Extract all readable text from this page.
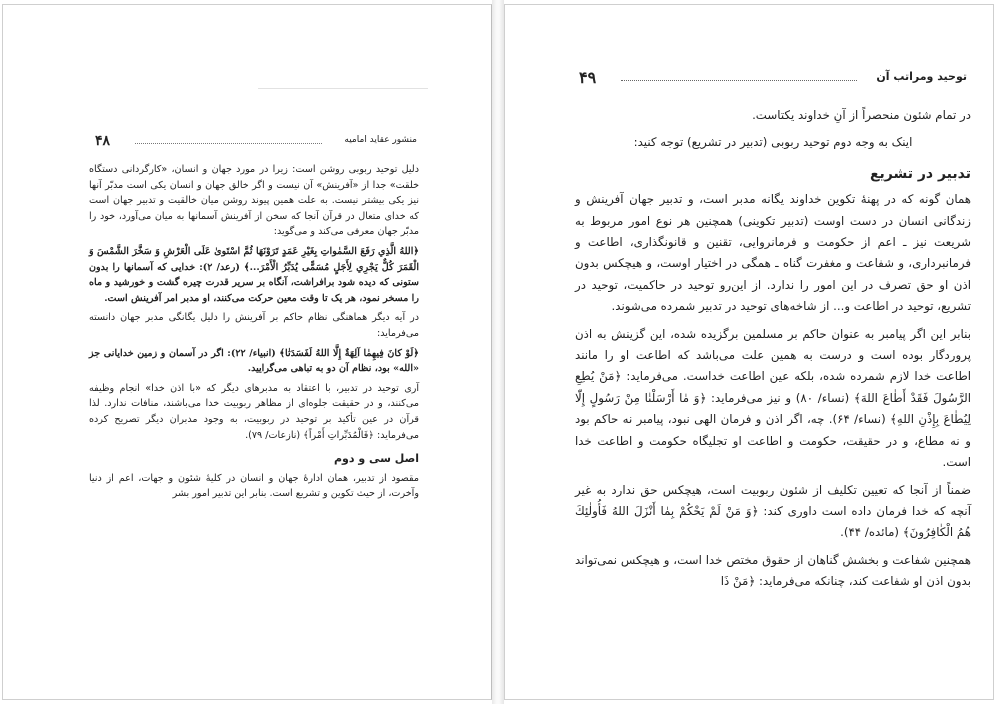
۴۸	منشور عقاید امامیه

دلیل توحید ربوبی روشن است: زیرا در مورد جهان و انسان، «کارگردانی دستگاه خلقت» جدا از «آفرینش» آن نیست و اگر خالق جهان و انسان یکی است مدبّر آنها نیز یکی بیشتر نیست. به علت همین پیوند روشن میان خالقیت و تدبیر جهان است که خدای متعال در قرآن آنجا که سخن از آفرینش آسمانها به میان می‌آورد، خود را مدبّر جهان معرفی می‌کند و می‌گوید:

﴿اللهُ الَّذِي رَفَعَ السَّمٰواتِ بِغَيْرِ عَمَدٍ تَرَوْنَهَا ثُمَّ اسْتَوىٰ عَلَى الْعَرْشِ وَ سَخَّرَ الشَّمْسَ وَ الْقَمَرَ كُلٌّ يَجْرِي لِأَجَلٍ مُسَمًّى يُدَبِّرُ الْأَمْرَ...﴾ (رعد/ ۲): خدایی که آسمانها را بدون ستونی که دیده شود برافراشت، آنگاه بر سریر قدرت چیره گشت و خورشید و ماه را مسخر نمود، هر یک تا وقت معین حرکت می‌کنند، او مدبر امر آفرینش است.

در آیه دیگر هماهنگی نظام حاکم بر آفرینش را دلیل یگانگی مدبر جهان دانسته می‌فرماید:

﴿لَوْ كانَ فِيهِمٰا آلِهَةٌ إِلَّا اللهُ لَفَسَدَتٰا﴾ (انبیاء/ ۲۲): اگر در آسمان و زمین خدایانی جز «الله» بود، نظام آن دو به تباهی می‌گرایید.

آری توحید در تدبیر، با اعتقاد به مدبرهای دیگر که «با اذن خدا» انجام وظیفه می‌کنند، و در حقیقت جلوه‌ای از مظاهر ربوبیت خدا می‌باشند، منافات ندارد. لذا قرآن در عین تأکید بر توحید در ربوبیت، به وجود مدبران دیگر تصریح کرده می‌فرماید: ﴿فَالْمُدَبِّراتِ أَمْراً﴾ (نازعات/ ۷۹).

اصل سی و دوم

مقصود از تدبیر، همان ادارهٔ جهان و انسان در کلیهٔ شئون و جهات، اعم از دنیا وآخرت، از حیث تکوین و تشریع است. بنابر این تدبیر امور بشر

۴۹	توحید ومراتب آن

در تمام شئون منحصراً از آنِ خداوند یکتاست.

اینک به وجه دوم توحید ربوبی (تدبیر در تشریع) توجه کنید:

تدبیر در تشریع

همان گونه که در پهنهٔ تکوین خداوند یگانه مدبر است، و تدبیر جهان آفرینش و زندگانی انسان در دست اوست (تدبیر تکوینی) همچنین هر نوع امور مربوط به شریعت نیز ـ اعم از حکومت و فرمانروایی، تقنین و قانونگذاری، اطاعت و فرمانبرداری، و شفاعت و مغفرت گناه ـ همگی در اختیار اوست، و هیچکس بدون اذن او حق تصرف در این امور را ندارد. از این‌رو توحید در حاکمیت، توحید در تشریع، توحید در اطاعت و... از شاخه‌های توحید در تدبیر شمرده می‌شوند.

بنابر این اگر پیامبر به عنوان حاکم بر مسلمین برگزیده شده، این گزینش به اذن پروردگار بوده است و درست به همین علت می‌باشد که اطاعت او را مانند اطاعت خدا لازم شمرده شده، بلکه عین اطاعت خداست. می‌فرماید: ﴿مَنْ يُطِعِ الرَّسُولَ فَقَدْ أَطٰاعَ اللهَ﴾ (نساء/ ۸۰) و نیز می‌فرماید: ﴿وَ مٰا أَرْسَلْنٰا مِنْ رَسُولٍ إِلّٰا لِيُطٰاعَ بِإِذْنِ اللهِ﴾ (نساء/ ۶۴). چه، اگر اذن و فرمان الهی نبود، پیامبر نه حاکم بود و نه مطاع، و در حقیقت، حکومت و اطاعت او تجلیگاه حکومت و اطاعت خدا است.

ضمناً از آنجا که تعیین تکلیف از شئون ربوبیت است، هیچکس حق ندارد به غیر آنچه که خدا فرمان داده است داوری کند: ﴿وَ مَنْ لَمْ يَحْكُمْ بِمٰا أَنْزَلَ اللهُ فَأُولٰئِكَ هُمُ الْكٰافِرُونَ﴾ (مائده/ ۴۴).

همچنین شفاعت و بخشش گناهان از حقوق مختص خدا است، و هیچکس نمی‌تواند بدون اذن او شفاعت کند، چنانکه می‌فرماید: ﴿مَنْ ذَا
